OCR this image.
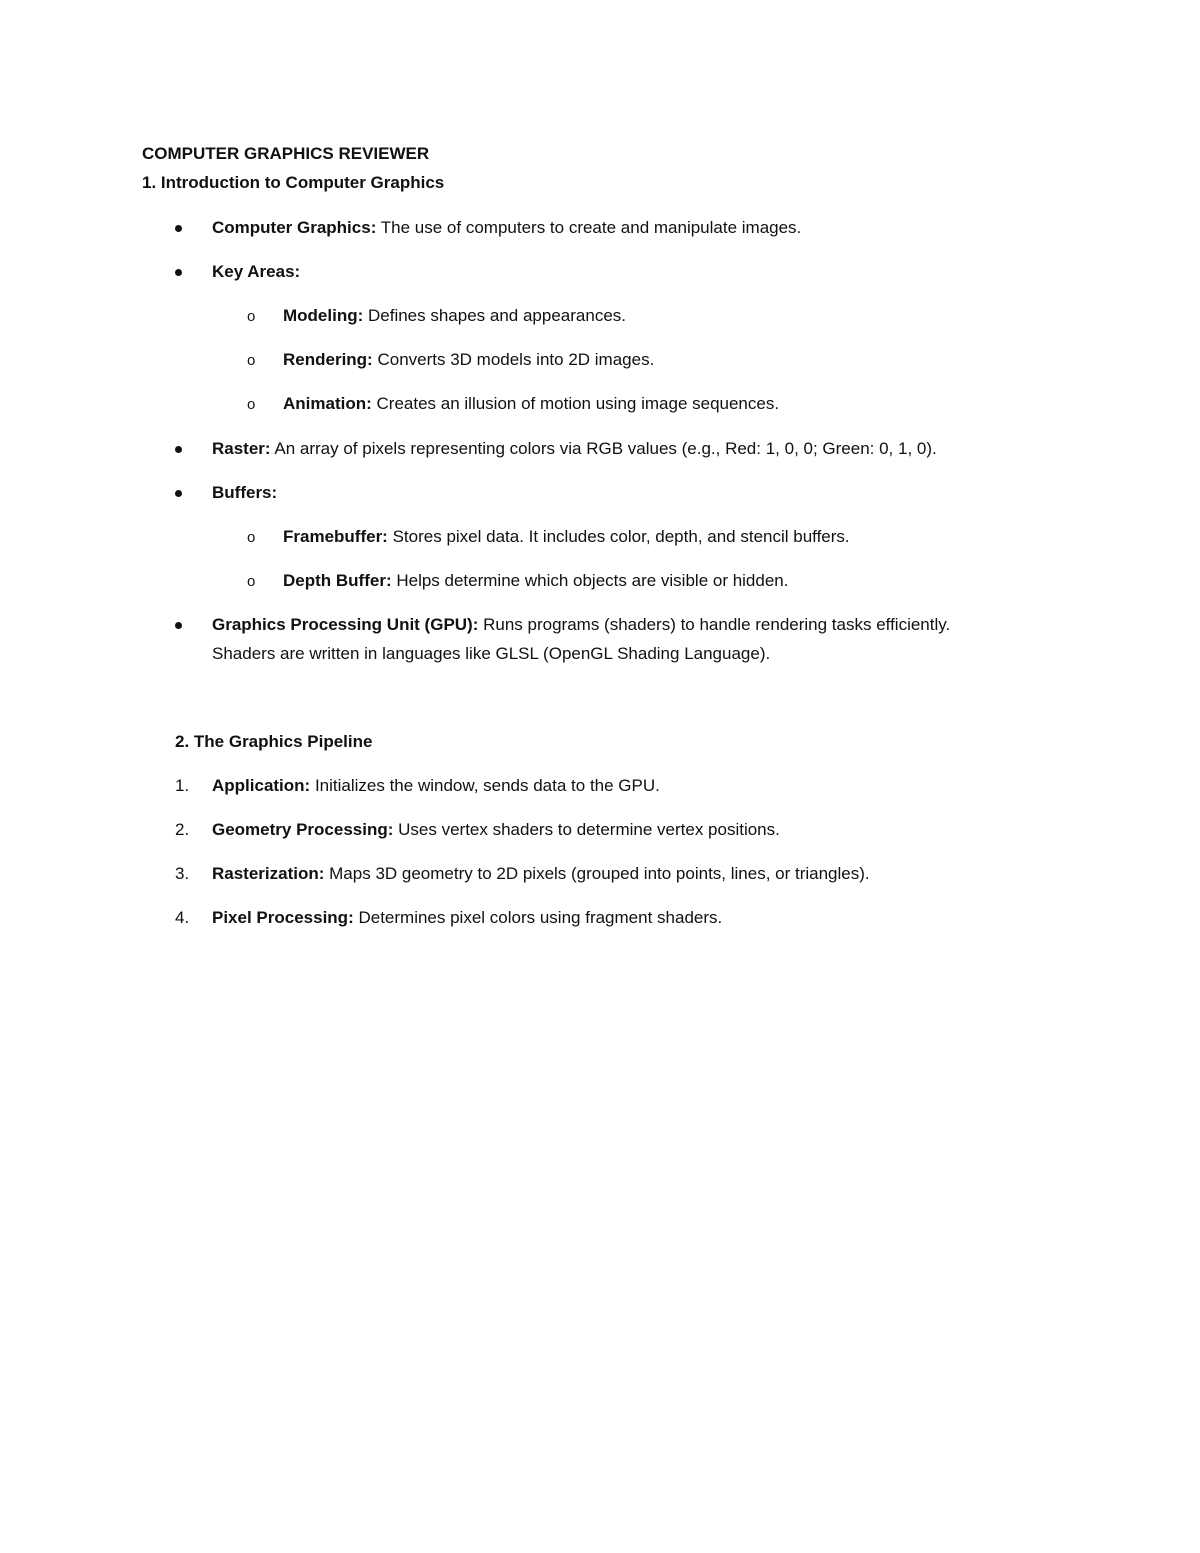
COMPUTER GRAPHICS REVIEWER
1. Introduction to Computer Graphics
Computer Graphics: The use of computers to create and manipulate images.
Key Areas:
o Modeling: Defines shapes and appearances.
o Rendering: Converts 3D models into 2D images.
o Animation: Creates an illusion of motion using image sequences.
Raster: An array of pixels representing colors via RGB values (e.g., Red: 1, 0, 0; Green: 0, 1, 0).
Buffers:
o Framebuffer: Stores pixel data. It includes color, depth, and stencil buffers.
o Depth Buffer: Helps determine which objects are visible or hidden.
Graphics Processing Unit (GPU): Runs programs (shaders) to handle rendering tasks efficiently.
Shaders are written in languages like GLSL (OpenGL Shading Language).
2. The Graphics Pipeline
1. Application: Initializes the window, sends data to the GPU.
2. Geometry Processing: Uses vertex shaders to determine vertex positions.
3. Rasterization: Maps 3D geometry to 2D pixels (grouped into points, lines, or triangles).
4. Pixel Processing: Determines pixel colors using fragment shaders.
